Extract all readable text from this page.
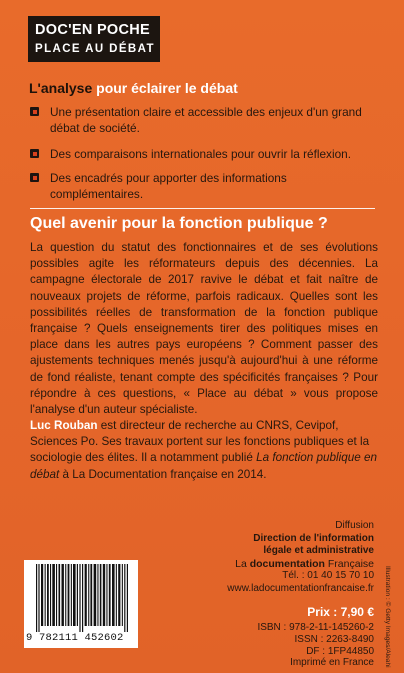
DOC'EN POCHE
PLACE AU DÉBAT
L'analyse pour éclairer le débat
Une présentation claire et accessible des enjeux d'un grand débat de société.
Des comparaisons internationales pour ouvrir la réflexion.
Des encadrés pour apporter des informations complémentaires.
Quel avenir pour la fonction publique ?

La question du statut des fonctionnaires et de ses évolutions possibles agite les réformateurs depuis des décennies. La campagne électorale de 2017 ravive le débat et fait naître de nouveaux projets de réforme, parfois radicaux. Quelles sont les possibilités réelles de transformation de la fonction publique française ? Quels enseignements tirer des politiques mises en place dans les autres pays européens ? Comment passer des ajustements techniques menés jusqu'à aujourd'hui à une réforme de fond réaliste, tenant compte des spécificités françaises ? Pour répondre à ces questions, « Place au débat » vous propose l'analyse d'un auteur spécialiste.

Luc Rouban est directeur de recherche au CNRS, Cevipof, Sciences Po. Ses travaux portent sur les fonctions publiques et la sociologie des élites. Il a notamment publié La fonction publique en débat à La Documentation française en 2014.

Diffusion
Direction de l'information
légale et administrative
La documentation Française
Tél. : 01 40 15 70 10
www.ladocumentationfrancaise.fr
Prix : 7,90 €
ISBN : 978-2-11-145260-2
ISSN : 2263-8490
DF : 1FP44850
Imprimé en France
9 782111 452602	Illustration : © Getty Images/Aleahi
